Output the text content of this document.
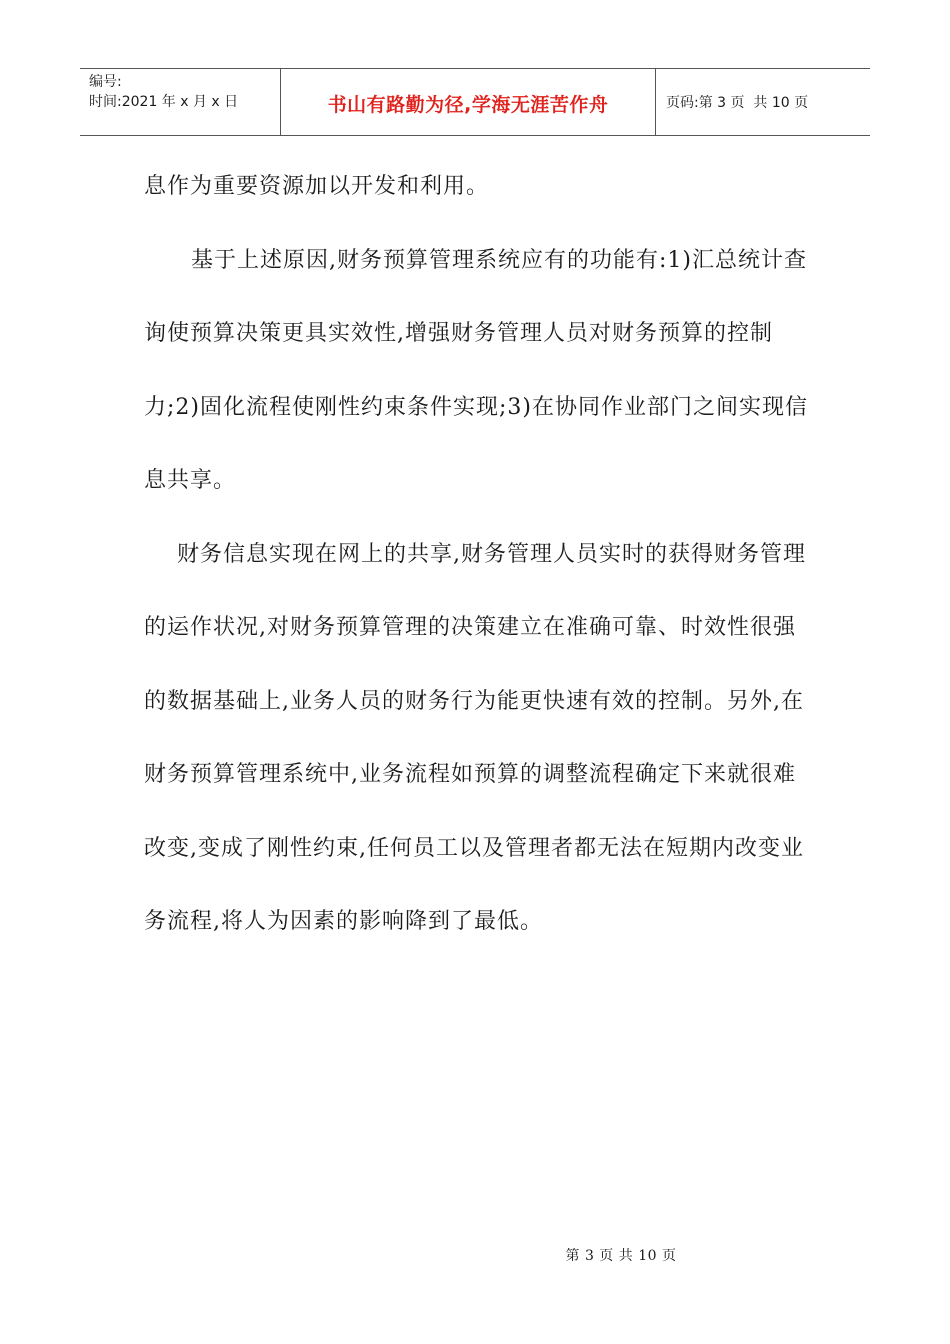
编号:
时间:2021 年 x 月 x 日	书山有路勤为径,学海无涯苦作舟	页码:第 3 页  共 10 页

息作为重要资源加以开发和利用。

基于上述原因,财务预算管理系统应有的功能有:1)汇总统计查询使预算决策更具实效性,增强财务管理人员对财务预算的控制力;2)固化流程使刚性约束条件实现;3)在协同作业部门之间实现信息共享。

财务信息实现在网上的共享,财务管理人员实时的获得财务管理的运作状况,对财务预算管理的决策建立在准确可靠、时效性很强的数据基础上,业务人员的财务行为能更快速有效的控制。另外,在财务预算管理系统中,业务流程如预算的调整流程确定下来就很难改变,变成了刚性约束,任何员工以及管理者都无法在短期内改变业务流程,将人为因素的影响降到了最低。

第 3 页 共 10 页
